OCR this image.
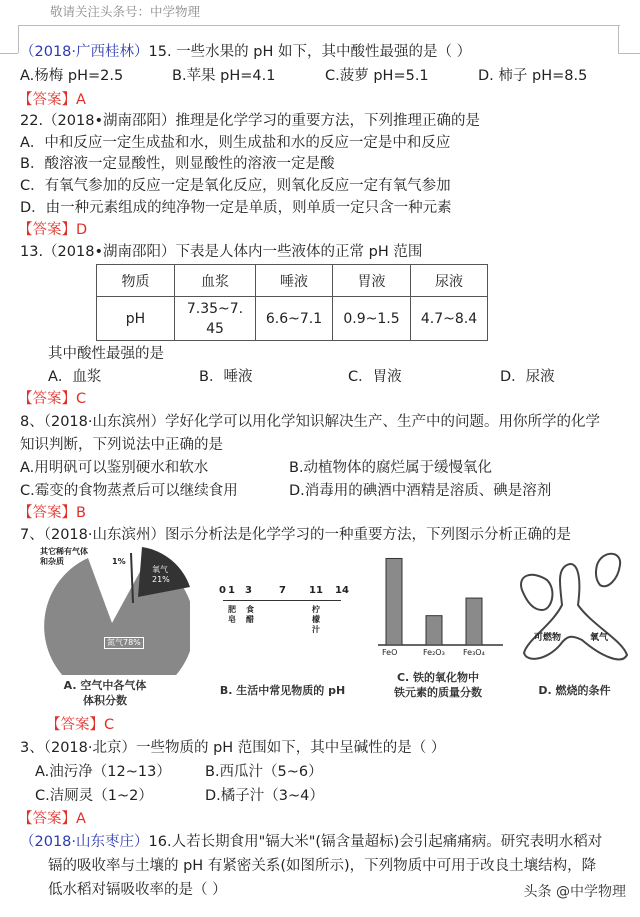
敬请关注头条号：中学物理
（2018·广西桂林）15. 一些水果的 pH 如下，其中酸性最强的是（ ）
A.杨梅 pH=2.5	B.苹果 pH=4.1	C.菠萝 pH=5.1	D. 柿子 pH=8.5
【答案】A
22.（2018•湖南邵阳）推理是化学学习的重要方法，下列推理正确的是
A．中和反应一定生成盐和水，则生成盐和水的反应一定是中和反应
B．酸溶液一定显酸性，则显酸性的溶液一定是酸
C．有氧气参加的反应一定是氧化反应，则氧化反应一定有氧气参加
D．由一种元素组成的纯净物一定是单质，则单质一定只含一种元素
【答案】D
13.（2018•湖南邵阳）下表是人体内一些液体的正常 pH 范围
物质	血浆	唾液	胃液	尿液
pH	7.35~7.45	6.6~7.1	0.9~1.5	4.7~8.4
其中酸性最强的是
A．血浆	B．唾液	C．胃液	D．尿液
【答案】C
8、（2018·山东滨州）学好化学可以用化学知识解决生产、生产中的问题。用你所学的化学
知识判断，下列说法中正确的是
A.用明矾可以鉴别硬水和软水	B.动植物体的腐烂属于缓慢氧化
C.霉变的食物蒸煮后可以继续食用	D.消毒用的碘酒中酒精是溶质、碘是溶剂
【答案】B
7、（2018·山东滨州）图示分析法是化学学习的一种重要方法，下列图示分析正确的是
其它稀有气体和杂质	1%
氧气21%
氮气78%
A. 空气中各气体
体积分数
0 1 3	7 11 14
肥皂
食醋
柠檬汁
B. 生活中常见物质的 pH
FeO	Fe₂O₃ Fe₃O₄
C. 铁的氧化物中
铁元素的质量分数
可燃物	氧气
D. 燃烧的条件
【答案】C
3、（2018·北京）一些物质的 pH 范围如下，其中呈碱性的是（ ）
A.油污净（12~13） B.西瓜汁（5~6）
C.洁厕灵（1~2）	D.橘子汁（3~4）
【答案】A
（2018·山东枣庄）16.人若长期食用"镉大米"(镉含量超标)会引起痛痛病。研究表明水稻对
镉的吸收率与土壤的 pH 有紧密关系(如图所示)，下列物质中可用于改良土壤结构，降
低水稻对镉吸收率的是（ ）	头条 @中学物理
